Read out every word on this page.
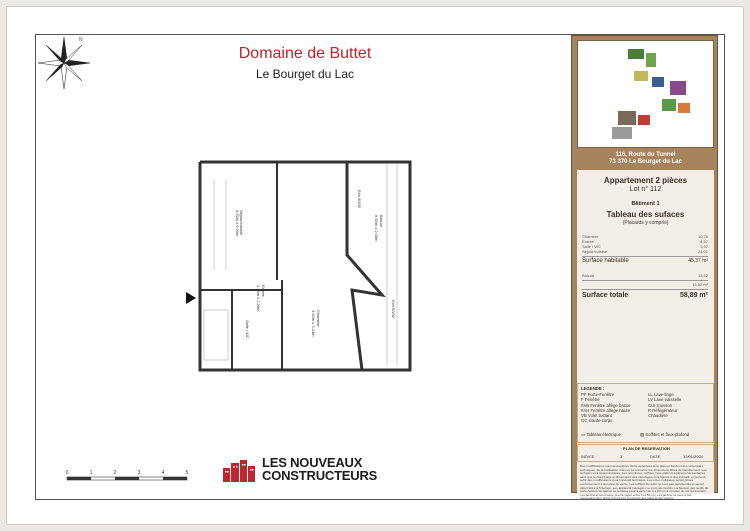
N
Domaine de Buttet
Le Bourget du Lac
Séjour/cuisine
5.92m x 5.09m	Balcon
5.45m x 2.06m
Chambre
3.43m x 3.34m
Salle / WC
Entrée
1.34m x 2.28m
Ech 90/30
Ech 90/30
0	1	2	3	4	5
LES NOUVEAUX
CONSTRUCTEURS
116, Route du Tunnel
73 370 Le Bourget du Lac
Appartement 2 pièces
Lot n° 112
Bâtiment 1
Tableau des sufaces
(Placards y compris)
Chambre	10,76
Entrée	4,57
Salle / WC	3,97
Séjour/cuisine	24,01
Surface habitable	45,37 m²
Balcon	13,52
13,52 m²
Surface totale	58,89 m²
LEGENDE :
PF Porte-Fenêtre
F Fenêtre
FAB Fenêtre allège basse
FAH Fenêtre allège haute
VB Volet battant
GC Garde corps
LL Lave-linge
LV Lave-vaisselle
CUI Cuisson
R Réfrigérateur
Chaudière
▭ Tableau électrique	▨ Soffites et faux-plafond
PLAN DE RESERVATION
INDICE	3	DATE	12/01/2024
Des modifications sont susceptibles d'être apportées à ce plan en fonction des nécessités techniques, de la réalisation mais en ce concerne les dimensions libres de l'équipement. Les surfaces sont approximatives. Les retombées, soffites, faux-plafond équipements sanitaires ainsi que le calepinage et dimensions des carrelages sont figurés à titre indicatif, et peuvent subir des modifications pour impératif technique. Les cotes indiquées seront prises conformément à la notice de vente. Les soffites de robot ne sont pas représentés et seront déterminés à l'intérieur. Les appareils ménagers ne sont pas fournis. La hauteur des seuils de porte-fenêtre de balcon ou terrasse pourra varier de 3 à 20 cm à compter du sol fini intérieur. Les jardins et la terrasse pourra varier entre 0 et 50 cm. Les jardins ne seront pas nécessairement plans et pourront comporter des talus et des pentes.
